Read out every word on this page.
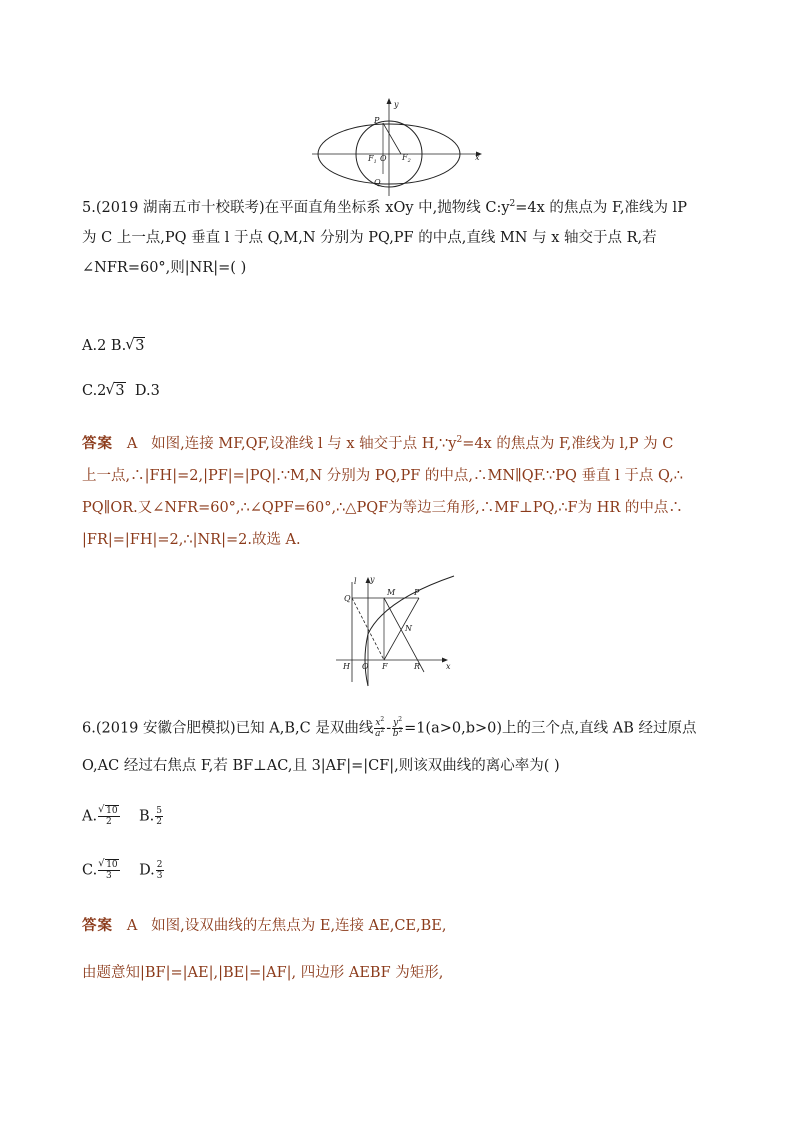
y
x
P
Q
O
$F_1$	$F_2$
5.(2019 湖南五市十校联考)在平面直角坐标系 xOy 中,抛物线 $C:y^2=4x$ 的焦点为 F,准线为 lP
为 C 上一点,PQ 垂直 l 于点 Q,M,N 分别为 PQ,PF 的中点,直线 MN 与 x 轴交于点 R,若
∠NFR=60°,则|NR|=( )
A.2 B. √ 3
C.2 √ 3  D.3
答案 A 如图,连接 MF,QF,设准线 l 与 x 轴交于点 $H,\because y^2=4x$ 的焦点为 F,准线为 l,P 为 C
上一点,∴|FH|=2,|PF|=|PQ|.∵M,N 分别为 PQ,PF 的中点,∴MN∥QF.∵PQ 垂直 l 于点 Q,∴
PQ∥OR.又∠NFR=60°,∴∠QPF=60°,∴△PQF为等边三角形,∴MF⊥PQ,∴F为 HR 的中点∴
|FR|=|FH|=2,∴|NR|=2.故选 A.
l y
M P
Q
N
H O F	R	x
6.(2019 安徽合肥模拟)已知 A,B,C 是双曲线 $\frac{x^2}{a^2} - \frac{y^2}{b^2} =1(a>0,b>0)$上的三个点,直线 AB 经过原点
O,AC 经过右焦点 F,若 BF⊥AC,且 3|AF|=|CF|,则该双曲线的离心率为( )
A. √ $\frac{10}{2} B$. $\frac{5}{2}$
C. √ $\frac{10}{3} D$. $\frac{2}{3}$
答案 A 如图,设双曲线的左焦点为 E,连接 AE,CE,BE,
由题意知|BF|=|AE|,|BE|=|AF|, 四边形 AEBF 为矩形,
